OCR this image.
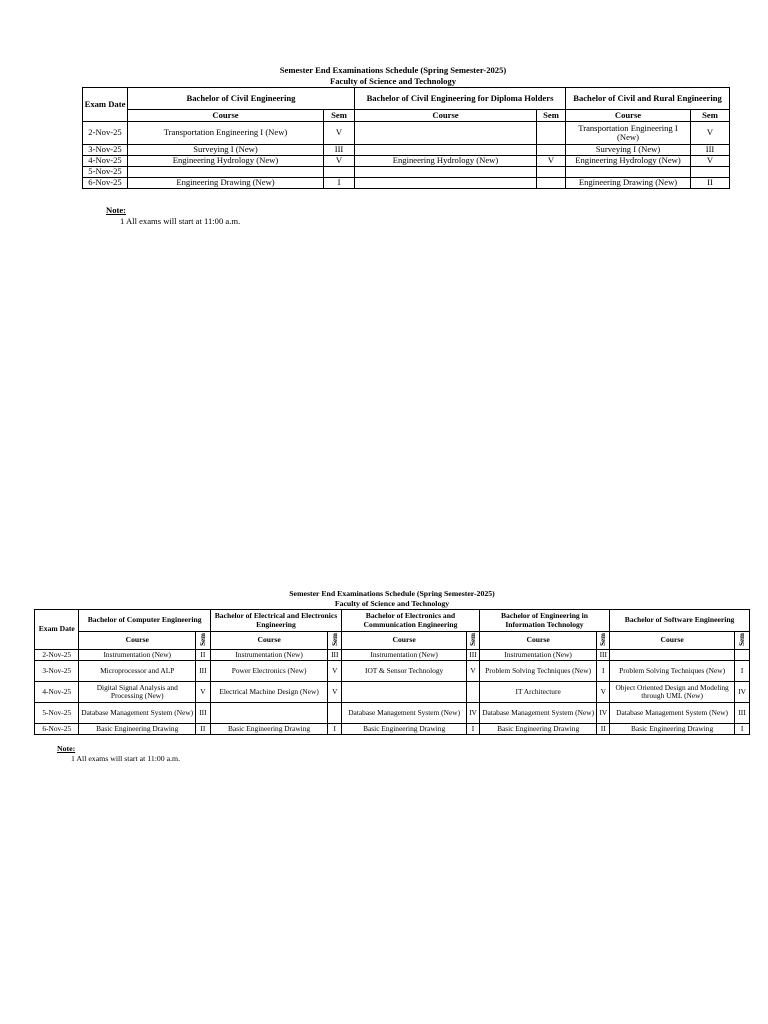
Semester End Examinations Schedule (Spring Semester-2025)
Faculty of Science and Technology
Exam Date	Bachelor of Civil Engineering		Bachelor of Civil Engineering for Diploma Holders		Bachelor of Civil and Rural Engineering	
	Course	Sem	Course	Sem	Course	Sem
2-Nov-25	Transportation Engineering I (New)	V			Transportation Engineering I (New)	V
3-Nov-25	Surveying I (New)	III			Surveying I (New)	III
4-Nov-25	Engineering Hydrology (New)	V	Engineering Hydrology (New)	V	Engineering Hydrology (New)	V
5-Nov-25						
6-Nov-25	Engineering Drawing (New)	I			Engineering Drawing (New)	II
Note:
1 All exams will start at 11:00 a.m.
Semester End Examinations Schedule (Spring Semester-2025)
Faculty of Science and Technology
Exam Date	Bachelor of Computer Engineering		Bachelor of Electrical and Electronics Engineering		Bachelor of Electronics and Communication Engineering		Bachelor of Engineering in Information Technology		Bachelor of Software Engineering	
	Course	Sem	Course	Sem	Course	Sem	Course	Sem	Course	Sem
2-Nov-25	Instrumentation (New)	II	Instrumentation (New)	III	Instrumentation (New)	III	Instrumentation (New)	III		
3-Nov-25	Microprocessor and ALP	III	Power Electronics (New)	V	IOT & Sensor Technology	V	Problem Solving Techniques (New)	I	Problem Solving Techniques (New)	I
4-Nov-25	Digital Signal Analysis and Processing (New)	V	Electrical Machine Design (New)	V			IT Architecture	V	Object Oriented Design and Modeling through UML (New)	IV
5-Nov-25	Database Management System (New)	III			Database Management System (New)	IV	Database Management System (New)	IV	Database Management System (New)	III
6-Nov-25	Basic Engineering Drawing	II	Basic Engineering Drawing	I	Basic Engineering Drawing	I	Basic Engineering Drawing	II	Basic Engineering Drawing	I
Note:
1 All exams will start at 11:00 a.m.
